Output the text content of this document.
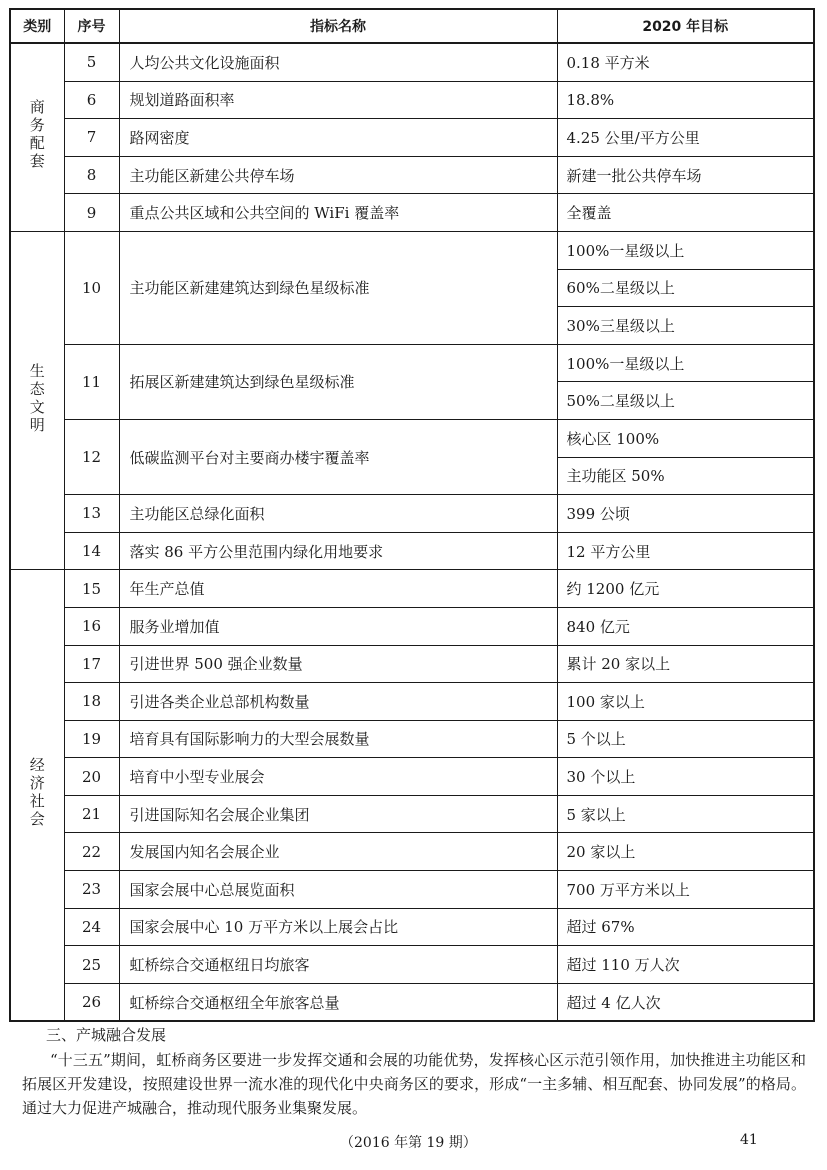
类别	序号	指标名称	2020 年目标
商务配套	5	人均公共文化设施面积	0.18 平方米
	6	规划道路面积率	18.8%
	7	路网密度	4.25 公里/平方公里
	8	主功能区新建公共停车场	新建一批公共停车场
	9	重点公共区域和公共空间的 WiFi 覆盖率	全覆盖
生态文明	10	主功能区新建建筑达到绿色星级标准	100%一星级以上
			60%二星级以上
			30%三星级以上
	11	拓展区新建建筑达到绿色星级标准	100%一星级以上
			50%二星级以上
	12	低碳监测平台对主要商办楼宇覆盖率	核心区 100%
			主功能区 50%
	13	主功能区总绿化面积	399 公顷
	14	落实 86 平方公里范围内绿化用地要求	12 平方公里
经济社会	15	年生产总值	约 1200 亿元
	16	服务业增加值	840 亿元
	17	引进世界 500 强企业数量	累计 20 家以上
	18	引进各类企业总部机构数量	100 家以上
	19	培育具有国际影响力的大型会展数量	5 个以上
	20	培育中小型专业展会	30 个以上
	21	引进国际知名会展企业集团	5 家以上
	22	发展国内知名会展企业	20 家以上
	23	国家会展中心总展览面积	700 万平方米以上
	24	国家会展中心 10 万平方米以上展会占比	超过 67%
	25	虹桥综合交通枢纽日均旅客	超过 110 万人次
	26	虹桥综合交通枢纽全年旅客总量	超过 4 亿人次
三、产城融合发展
“十三五”期间，虹桥商务区要进一步发挥交通和会展的功能优势，发挥核心区示范引领作用，加快推进主功能区和拓展区开发建设，按照建设世界一流水准的现代化中央商务区的要求，形成“一主多辅、相互配套、协同发展”的格局。通过大力促进产城融合，推动现代服务业集聚发展。
（2016 年第 19 期）	41
